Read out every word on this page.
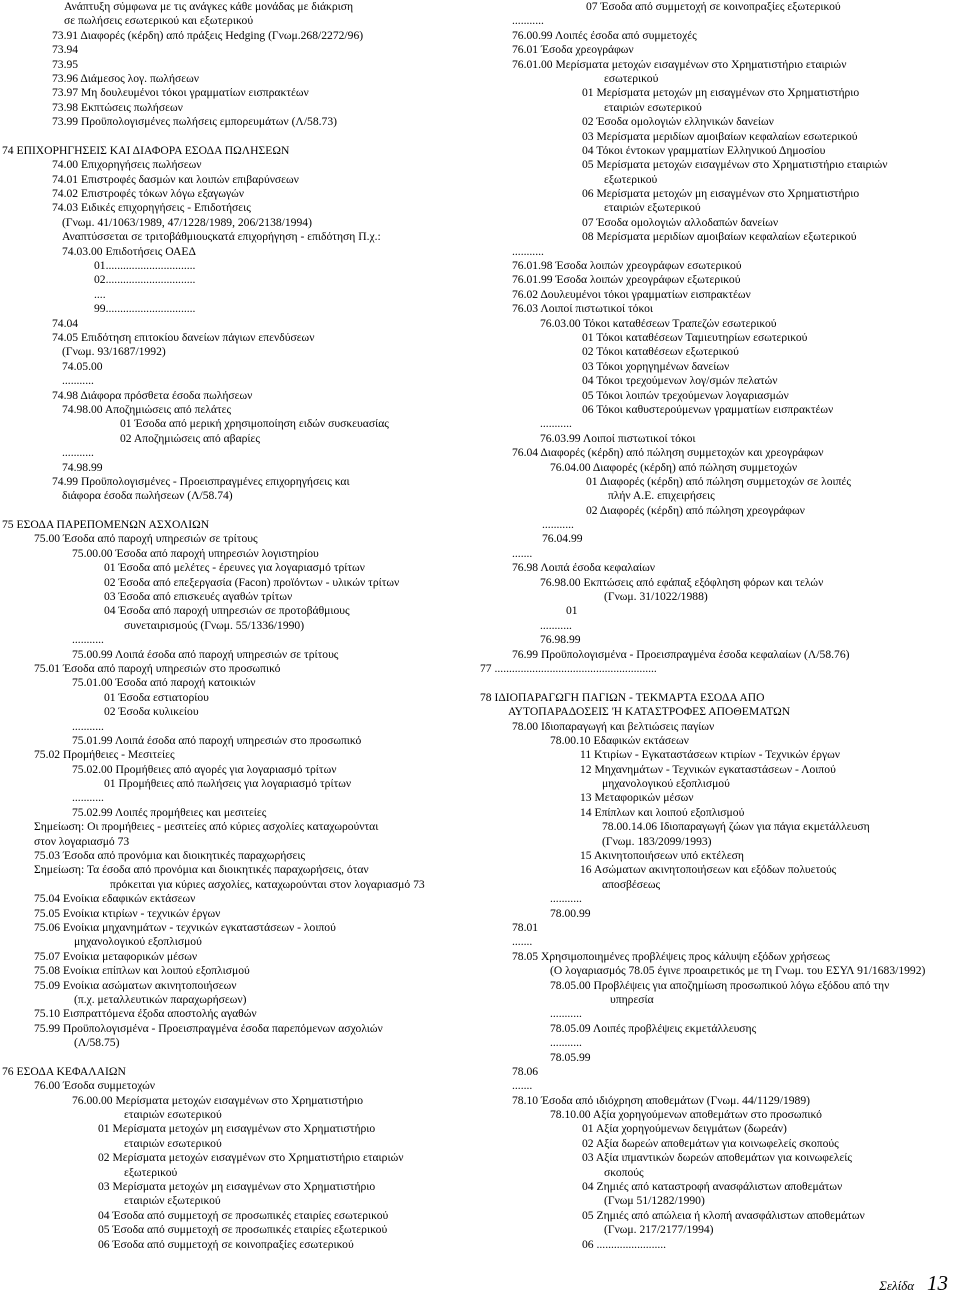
Ανάπτυξη σύμφωνα με τις ανάγκες κάθε μονάδας με διάκριση
σε πωλήσεις εσωτερικού και εξωτερικού
73.91 Διαφορές (κέρδη) από πράξεις Hedging (Γνωμ.268/2272/96)
73.94
73.95
73.96 Διάμεσος λογ. πωλήσεων
73.97 Μη δουλευμένοι τόκοι γραμματίων εισπρακτέων
73.98 Εκπτώσεις πωλήσεων
73.99 Προϋπολογισμένες πωλήσεις εμπορευμάτων (Λ/58.73)
74 ΕΠΙΧΟΡΗΓΗΣΕΙΣ ΚΑΙ ΔΙΑΦΟΡΑ ΕΣΟΔΑ ΠΩΛΗΣΕΩΝ
74.00 Επιχορηγήσεις πωλήσεων
74.01 Επιστροφές δασμών και λοιπών επιβαρύνσεων
74.02 Επιστροφές τόκων λόγω εξαγωγών
74.03 Ειδικές επιχορηγήσεις - Επιδοτήσεις
(Γνωμ. 41/1063/1989, 47/1228/1989, 206/2138/1994)
Αναπτύσσεται σε τριτοβάθμιουςκατά επιχορήγηση - επιδότηση Π.χ.:
74.03.00 Επιδοτήσεις ΟΑΕΔ
01...............................
02...............................
....
99...............................
74.04
74.05 Επιδότηση επιτοκίου δανείων πάγιων επενδύσεων
(Γνωμ. 93/1687/1992)
74.05.00
...........
74.98 Διάφορα πρόσθετα έσοδα πωλήσεων
74.98.00 Αποζημιώσεις από πελάτες
01 Έσοδα από μερική χρησιμοποίηση ειδών συσκευασίας
02 Αποζημιώσεις από αβαρίες
...........
74.98.99
74.99 Προϋπολογισμένες - Προεισπραγμένες επιχορηγήσεις και
διάφορα έσοδα πωλήσεων (Λ/58.74)
75 ΕΣΟΔΑ ΠΑΡΕΠΟΜΕΝΩΝ ΑΣΧΟΛΙΩΝ
75.00 Έσοδα από παροχή υπηρεσιών σε τρίτους
75.00.00 Έσοδα από παροχή υπηρεσιών λογιστηρίου
01 Έσοδα από μελέτες - έρευνες για λογαριασμό τρίτων
02 Έσοδα από επεξεργασία (Facon) προϊόντων - υλικών τρίτων
03 Έσοδα από επισκευές αγαθών τρίτων
04 Έσοδα από παροχή υπηρεσιών σε προτοβάθμιους
συνεταιρισμούς (Γνωμ. 55/1336/1990)
...........
75.00.99 Λοιπά έσοδα από παροχή υπηρεσιών σε τρίτους
75.01 Έσοδα από παροχή υπηρεσιών στο προσωπικό
75.01.00 Έσοδα από παροχή κατοικιών
01 Έσοδα εστιατορίου
02 Έσοδα κυλικείου
...........
75.01.99 Λοιπά έσοδα από παροχή υπηρεσιών στο προσωπικό
75.02 Προμήθειες - Μεσιτείες
75.02.00 Προμήθειες από αγορές για λογαριασμό τρίτων
01 Προμήθειες από πωλήσεις για λογαριασμό τρίτων
...........
75.02.99 Λοιπές προμήθειες και μεσιτείες
Σημείωση: Οι προμήθειες - μεσιτείες από κύριες ασχολίες καταχωρούνται
στον λογαριασμό 73
75.03 Έσοδα από προνόμια και διοικητικές παραχωρήσεις
Σημείωση: Τα έσοδα από προνόμια και διοικητικές παραχωρήσεις, όταν
πρόκειται για κύριες ασχολίες, καταχωρούνται στον λογαριασμό 73
75.04 Ενοίκια εδαφικών εκτάσεων
75.05 Ενοίκια κτιρίων - τεχνικών έργων
75.06 Ενοίκια μηχανημάτων - τεχνικών εγκαταστάσεων - λοιπού
μηχανολογικού εξοπλισμού
75.07 Ενοίκια μεταφορικών μέσων
75.08 Ενοίκια επίπλων και λοιπού εξοπλισμού
75.09 Ενοίκια ασώματων ακινητοποιήσεων
(π.χ. μεταλλευτικών παραχωρήσεων)
75.10 Εισπραττόμενα έξοδα αποστολής αγαθών
75.99 Προϋπολογισμένα - Προεισπραγμένα έσοδα παρεπόμενων ασχολιών
(Λ/58.75)
76 ΕΣΟΔΑ ΚΕΦΑΛΑΙΩΝ
76.00 Έσοδα συμμετοχών
76.00.00 Μερίσματα μετοχών εισαγμένων στο Χρηματιστήριο
εταιριών εσωτερικού
01 Μερίσματα μετοχών μη εισαγμένων στο Χρηματιστήριο
εταιριών εσωτερικού
02 Μερίσματα μετοχών εισαγμένων στο Χρηματιστήριο εταιριών
εξωτερικού
03 Μερίσματα μετοχών μη εισαγμένων στο Χρηματιστήριο
εταιριών εξωτερικού
04 Έσοδα από συμμετοχή σε προσωπικές εταιρίες εσωτερικού
05 Έσοδα από συμμετοχή σε προσωπικές εταιρίες εξωτερικού
06 Έσοδα από συμμετοχή σε κοινοπραξίες εσωτερικού
07 Έσοδα από συμμετοχή σε κοινοπραξίες εξωτερικού
...........
76.00.99 Λοιπές έσοδα από συμμετοχές
76.01 Έσοδα χρεογράφων
76.01.00 Μερίσματα μετοχών εισαγμένων στο Χρηματιστήριο εταιριών
εσωτερικού
01 Μερίσματα μετοχών μη εισαγμένων στο Χρηματιστήριο
εταιριών εσωτερικού
02 Έσοδα ομολογιών ελληνικών δανείων
03 Μερίσματα μεριδίων αμοιβαίων κεφαλαίων εσωτερικού
04 Τόκοι έντοκων γραμματίων Ελληνικού Δημοσίου
05 Μερίσματα μετοχών εισαγμένων στο Χρηματιστήριο εταιριών
εξωτερικού
06 Μερίσματα μετοχών μη εισαγμένων στο Χρηματιστήριο
εταιριών εξωτερικού
07 Έσοδα ομολογιών αλλοδαπών δανείων
08 Μερίσματα μεριδίων αμοιβαίων κεφαλαίων εξωτερικού
...........
76.01.98 Έσοδα λοιπών χρεογράφων εσωτερικού
76.01.99 Έσοδα λοιπών χρεογράφων εξωτερικού
76.02 Δουλευμένοι τόκοι γραμματίων εισπρακτέων
76.03 Λοιποί πιστωτικοί τόκοι
76.03.00 Τόκοι καταθέσεων Τραπεζών εσωτερικού
01 Τόκοι καταθέσεων Ταμιευτηρίων εσωτερικού
02 Τόκοι καταθέσεων εξωτερικού
03 Τόκοι χορηγημένων δανείων
04 Τόκοι τρεχούμενων λογ/σμών πελατών
05 Τόκοι λοιπών τρεχούμενων λογαριασμών
06 Τόκοι καθυστερούμενων γραμματίων εισπρακτέων
...........
76.03.99 Λοιποί πιστωτικοί τόκοι
76.04 Διαφορές (κέρδη) από πώληση συμμετοχών και χρεογράφων
76.04.00 Διαφορές (κέρδη) από πώληση συμμετοχών
01 Διαφορές (κέρδη) από πώληση συμμετοχών σε λοιπές
πλήν Α.Ε. επιχειρήσεις
02 Διαφορές (κέρδη) από πώληση χρεογράφων
...........
76.04.99
.......
76.98 Λοιπά έσοδα κεφαλαίων
76.98.00 Εκπτώσεις από εφάπαξ εξόφληση φόρων και τελών
(Γνωμ. 31/1022/1988)
01
...........
76.98.99
76.99 Προϋπολογισμένα - Προεισπραγμένα έσοδα κεφαλαίων (Λ/58.76)
77 ........................................................
78 ΙΔΙΟΠΑΡΑΓΩΓΗ ΠΑΓΙΩΝ - ΤΕΚΜΑΡΤΑ ΕΣΟΔΑ ΑΠΟ
ΑΥΤΟΠΑΡΑΔΟΣΕΙΣ 'Η ΚΑΤΑΣΤΡΟΦΕΣ ΑΠΟΘΕΜΑΤΩΝ
78.00 Ιδιοπαραγωγή και βελτιώσεις παγίων
78.00.10 Εδαφικών εκτάσεων
11 Κτιρίων - Εγκαταστάσεων κτιρίων - Τεχνικών έργων
12 Μηχανημάτων - Τεχνικών εγκαταστάσεων - Λοιπού
μηχανολογικού εξοπλισμού
13 Μεταφορικών μέσων
14 Επίπλων και λοιπού εξοπλισμού
78.00.14.06 Ιδιοπαραγωγή ζώων για πάγια εκμετάλλευση
(Γνωμ. 183/2099/1993)
15 Ακινητοποιήσεων υπό εκτέλεση
16 Ασώματων ακινητοποιήσεων και εξόδων πολυετούς
αποσβέσεως
...........
78.00.99
78.01
.......
78.05 Χρησιμοποιημένες προβλέψεις προς κάλυψη εξόδων χρήσεως
(Ο λογαριασμός 78.05 έγινε προαιρετικός με τη Γνωμ. του ΕΣΥΛ 91/1683/1992)
78.05.00 Προβλέψεις για αποζημίωση προσωπικού λόγω εξόδου από την
υπηρεσία
...........
78.05.09 Λοιπές προβλέψεις εκμετάλλευσης
...........
78.05.99
78.06
.......
78.10 Έσοδα από ιδιόχρηση αποθεμάτων (Γνωμ. 44/1129/1989)
78.10.00 Αξία χορηγούμενων αποθεμάτων στο προσωπικό
01 Αξία χορηγούμενων δειγμάτων (δωρεάν)
02 Αξία δωρεών αποθεμάτων για κοινωφελείς σκοπούς
03 Αξία ιπμαντικών δωρεών αποθεμάτων για κοινωφελείς
σκοπούς
04 Ζημιές από καταστροφή ανασφάλιστων αποθεμάτων
(Γνωμ 51/1282/1990)
05 Ζημιές από απώλεια ή κλοπή ανασφάλιστων αποθεμάτων
(Γνωμ. 217/2177/1994)
06 ........................
Σελίδα 13
